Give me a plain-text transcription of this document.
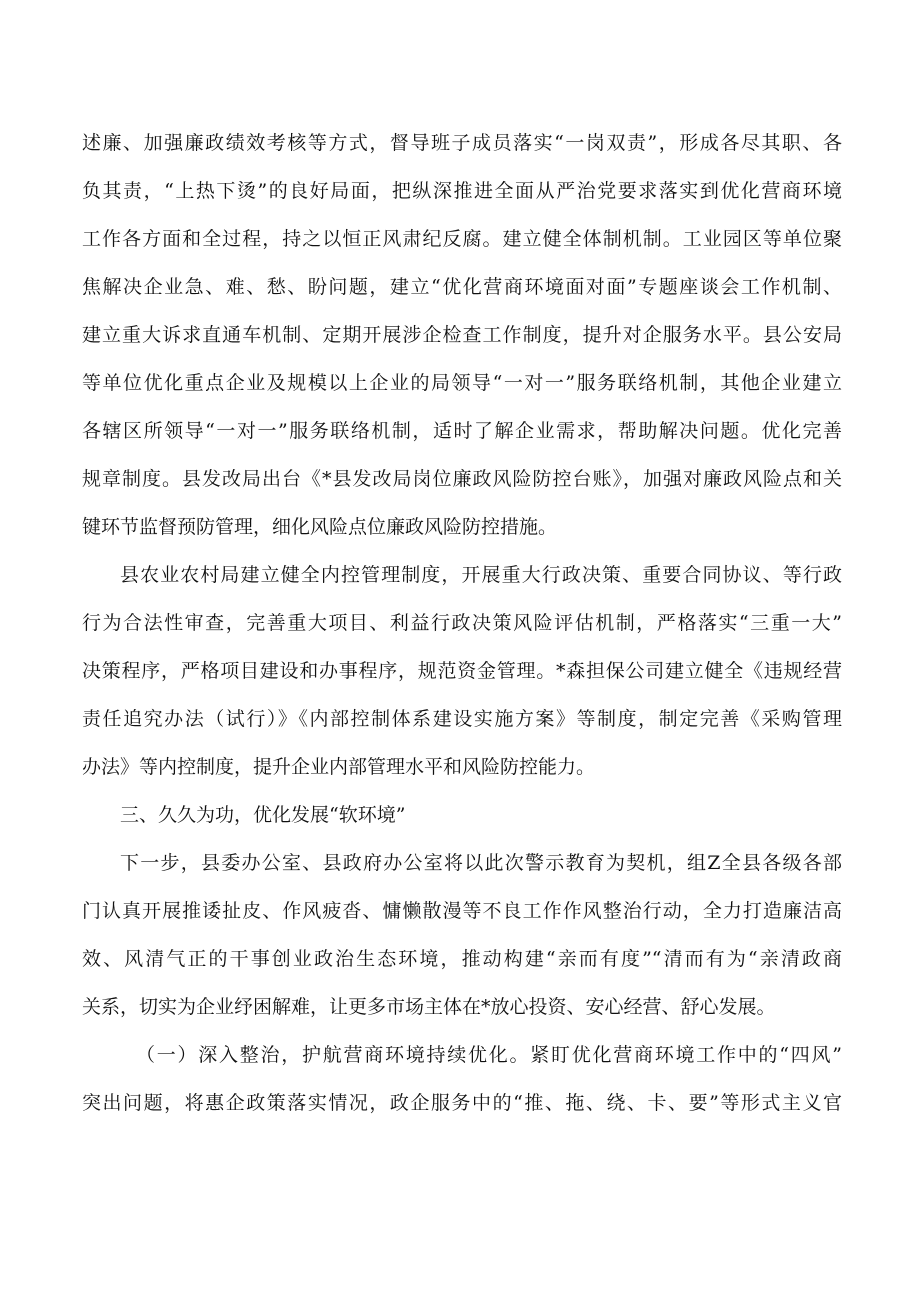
述廉、加强廉政绩效考核等方式，督导班子成员落实“一岗双责”，形成各尽其职、各
负其责，“上热下烫”的良好局面，把纵深推进全面从严治党要求落实到优化营商环境
工作各方面和全过程，持之以恒正风肃纪反腐。建立健全体制机制。工业园区等单位聚
焦解决企业急、难、愁、盼问题，建立“优化营商环境面对面”专题座谈会工作机制、
建立重大诉求直通车机制、定期开展涉企检查工作制度，提升对企服务水平。县公安局
等单位优化重点企业及规模以上企业的局领导“一对一”服务联络机制，其他企业建立
各辖区所领导“一对一”服务联络机制，适时了解企业需求，帮助解决问题。优化完善
规章制度。县发改局出台《*县发改局岗位廉政风险防控台账》，加强对廉政风险点和关
键环节监督预防管理，细化风险点位廉政风险防控措施。
县农业农村局建立健全内控管理制度，开展重大行政决策、重要合同协议、等行政
行为合法性审查，完善重大项目、利益行政决策风险评估机制，严格落实“三重一大”
决策程序，严格项目建设和办事程序，规范资金管理。*森担保公司建立健全《违规经营
责任追究办法（试行）》《内部控制体系建设实施方案》等制度，制定完善《采购管理
办法》等内控制度，提升企业内部管理水平和风险防控能力。
三、久久为功，优化发展“软环境”
下一步，县委办公室、县政府办公室将以此次警示教育为契机，组Z全县各级各部
门认真开展推诿扯皮、作风疲沓、慵懒散漫等不良工作作风整治行动，全力打造廉洁高
效、风清气正的干事创业政治生态环境，推动构建“亲而有度”“清而有为“亲清政商
关系，切实为企业纾困解难，让更多市场主体在*放心投资、安心经营、舒心发展。
（一）深入整治，护航营商环境持续优化。紧盯优化营商环境工作中的“四风”
突出问题，将惠企政策落实情况，政企服务中的“推、拖、绕、卡、要”等形式主义官
